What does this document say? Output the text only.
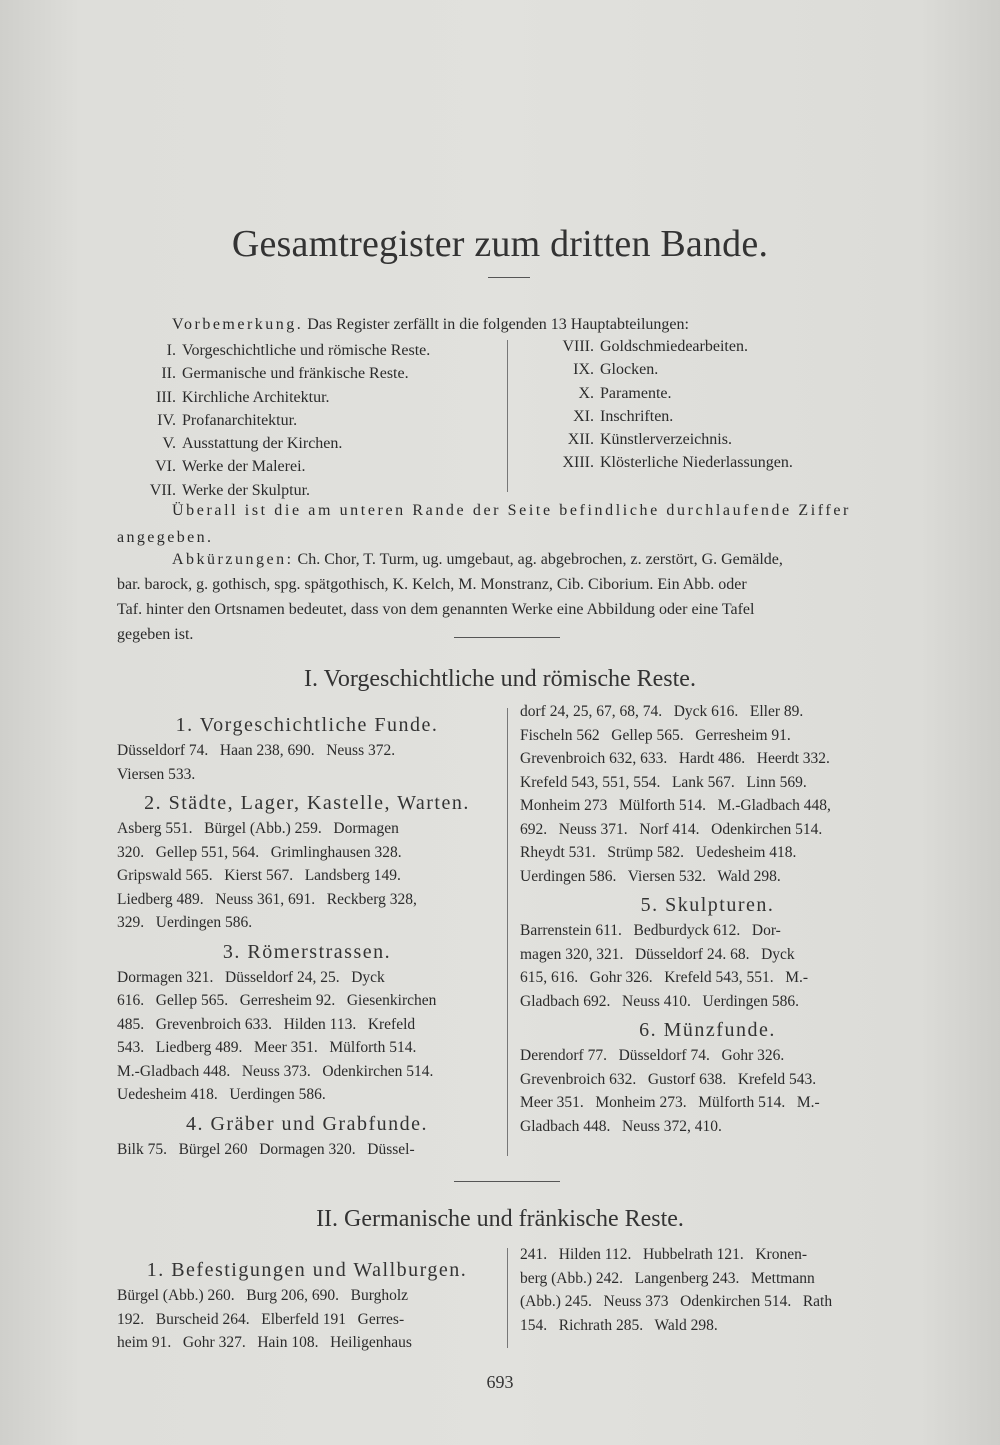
Gesamtregister zum dritten Bande.
Vorbemerkung. Das Register zerfällt in die folgenden 13 Hauptabteilungen:
I. Vorgeschichtliche und römische Reste.
II. Germanische und fränkische Reste.
III. Kirchliche Architektur.
IV. Profanarchitektur.
V. Ausstattung der Kirchen.
VI. Werke der Malerei.
VII. Werke der Skulptur.
VIII. Goldschmiedearbeiten.
IX. Glocken.
X. Paramente.
XI. Inschriften.
XII. Künstlerverzeichnis.
XIII. Klösterliche Niederlassungen.
Überall ist die am unteren Rande der Seite befindliche durchlaufende Ziffer
angegeben.
Abkürzungen: Ch. Chor, T. Turm, ug. umgebaut, ag. abgebrochen, z. zerstört, G. Gemälde,
bar. barock, g. gothisch, spg. spätgothisch, K. Kelch, M. Monstranz, Cib. Ciborium. Ein Abb. oder
Taf. hinter den Ortsnamen bedeutet, dass von dem genannten Werke eine Abbildung oder eine Tafel
gegeben ist.
I. Vorgeschichtliche und römische Reste.
1. Vorgeschichtliche Funde.
Düsseldorf 74.   Haan 238, 690.   Neuss 372.
Viersen 533.
2. Städte, Lager, Kastelle, Warten.
Asberg 551.   Bürgel (Abb.) 259.   Dormagen
320.   Gellep 551, 564.   Grimlinghausen 328.
Gripswald 565.   Kierst 567.   Landsberg 149.
Liedberg 489.   Neuss 361, 691.   Reckberg 328,
329.   Uerdingen 586.
3. Römerstrassen.
Dormagen 321.   Düsseldorf 24, 25.   Dyck
616.   Gellep 565.   Gerresheim 92.   Giesenkirchen
485.   Grevenbroich 633.   Hilden 113.   Krefeld
543.   Liedberg 489.   Meer 351.   Mülforth 514.
M.-Gladbach 448.   Neuss 373.   Odenkirchen 514.
Uedesheim 418.   Uerdingen 586.
4. Gräber und Grabfunde.
Bilk 75.   Bürgel 260   Dormagen 320.   Düssel-
dorf 24, 25, 67, 68, 74.   Dyck 616.   Eller 89.
Fischeln 562   Gellep 565.   Gerresheim 91.
Grevenbroich 632, 633.   Hardt 486.   Heerdt 332.
Krefeld 543, 551, 554.   Lank 567.   Linn 569.
Monheim 273   Mülforth 514.   M.-Gladbach 448,
692.   Neuss 371.   Norf 414.   Odenkirchen 514.
Rheydt 531.   Strümp 582.   Uedesheim 418.
Uerdingen 586.   Viersen 532.   Wald 298.
5. Skulpturen.
Barrenstein 611.   Bedburdyck 612.   Dor-
magen 320, 321.   Düsseldorf 24. 68.   Dyck
615, 616.   Gohr 326.   Krefeld 543, 551.   M.-
Gladbach 692.   Neuss 410.   Uerdingen 586.
6. Münzfunde.
Derendorf 77.   Düsseldorf 74.   Gohr 326.
Grevenbroich 632.   Gustorf 638.   Krefeld 543.
Meer 351.   Monheim 273.   Mülforth 514.   M.-
Gladbach 448.   Neuss 372, 410.
II. Germanische und fränkische Reste.
1. Befestigungen und Wallburgen.
Bürgel (Abb.) 260.   Burg 206, 690.   Burgholz
192.   Burscheid 264.   Elberfeld 191   Gerres-
heim 91.   Gohr 327.   Hain 108.   Heiligenhaus
241.   Hilden 112.   Hubbelrath 121.   Kronen-
berg (Abb.) 242.   Langenberg 243.   Mettmann
(Abb.) 245.   Neuss 373   Odenkirchen 514.   Rath
154.   Richrath 285.   Wald 298.
693
